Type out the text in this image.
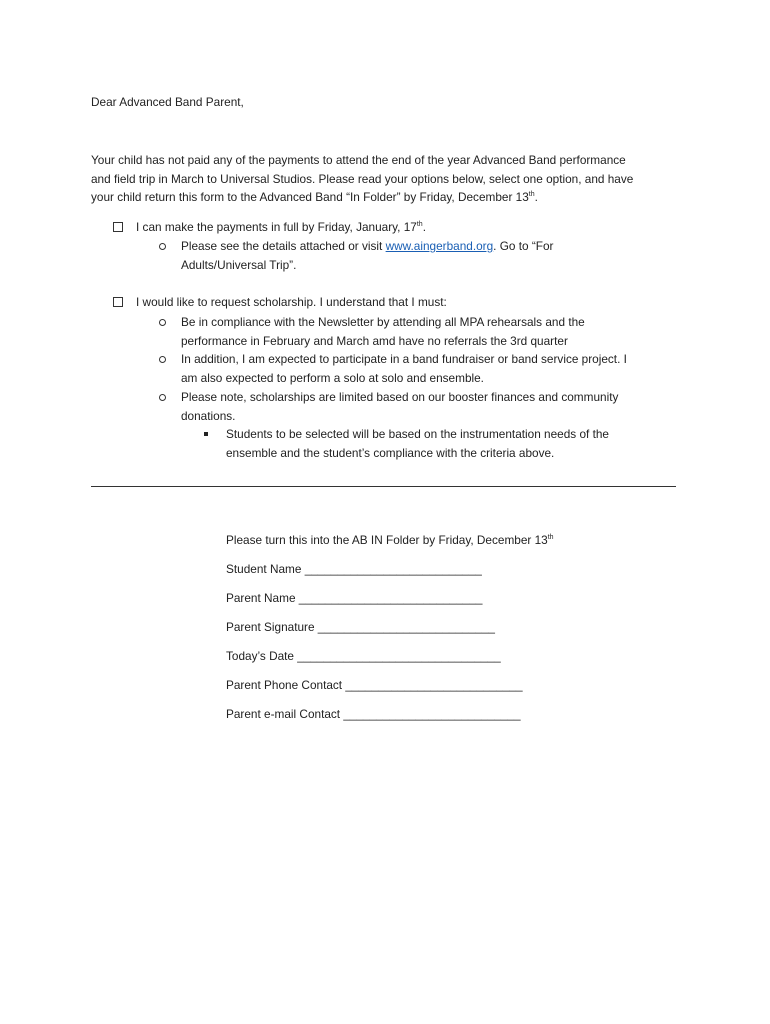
Dear Advanced Band Parent,
Your child has not paid any of the payments to attend the end of the year Advanced Band performance
and field trip in March to Universal Studios. Please read your options below, select one option, and have
your child return this form to the Advanced Band “In Folder” by Friday, December 13th.
I can make the payments in full by Friday, January, 17th.
Please see the details attached or visit www.aingerband.org. Go to “For
Adults/Universal Trip”.
I would like to request scholarship. I understand that I must:
Be in compliance with the Newsletter by attending all MPA rehearsals and the
performance in February and March amd have no referrals the 3rd quarter
In addition, I am expected to participate in a band fundraiser or band service project. I
am also expected to perform a solo at solo and ensemble.
Please note, scholarships are limited based on our booster finances and community
donations.
Students to be selected will be based on the instrumentation needs of the
ensemble and the student’s compliance with the criteria above.
Please turn this into the AB IN Folder by Friday, December 13th
Student Name ___________________________
Parent Name ____________________________
Parent Signature ___________________________
Today’s Date _______________________________
Parent Phone Contact ___________________________
Parent e-mail Contact ___________________________
